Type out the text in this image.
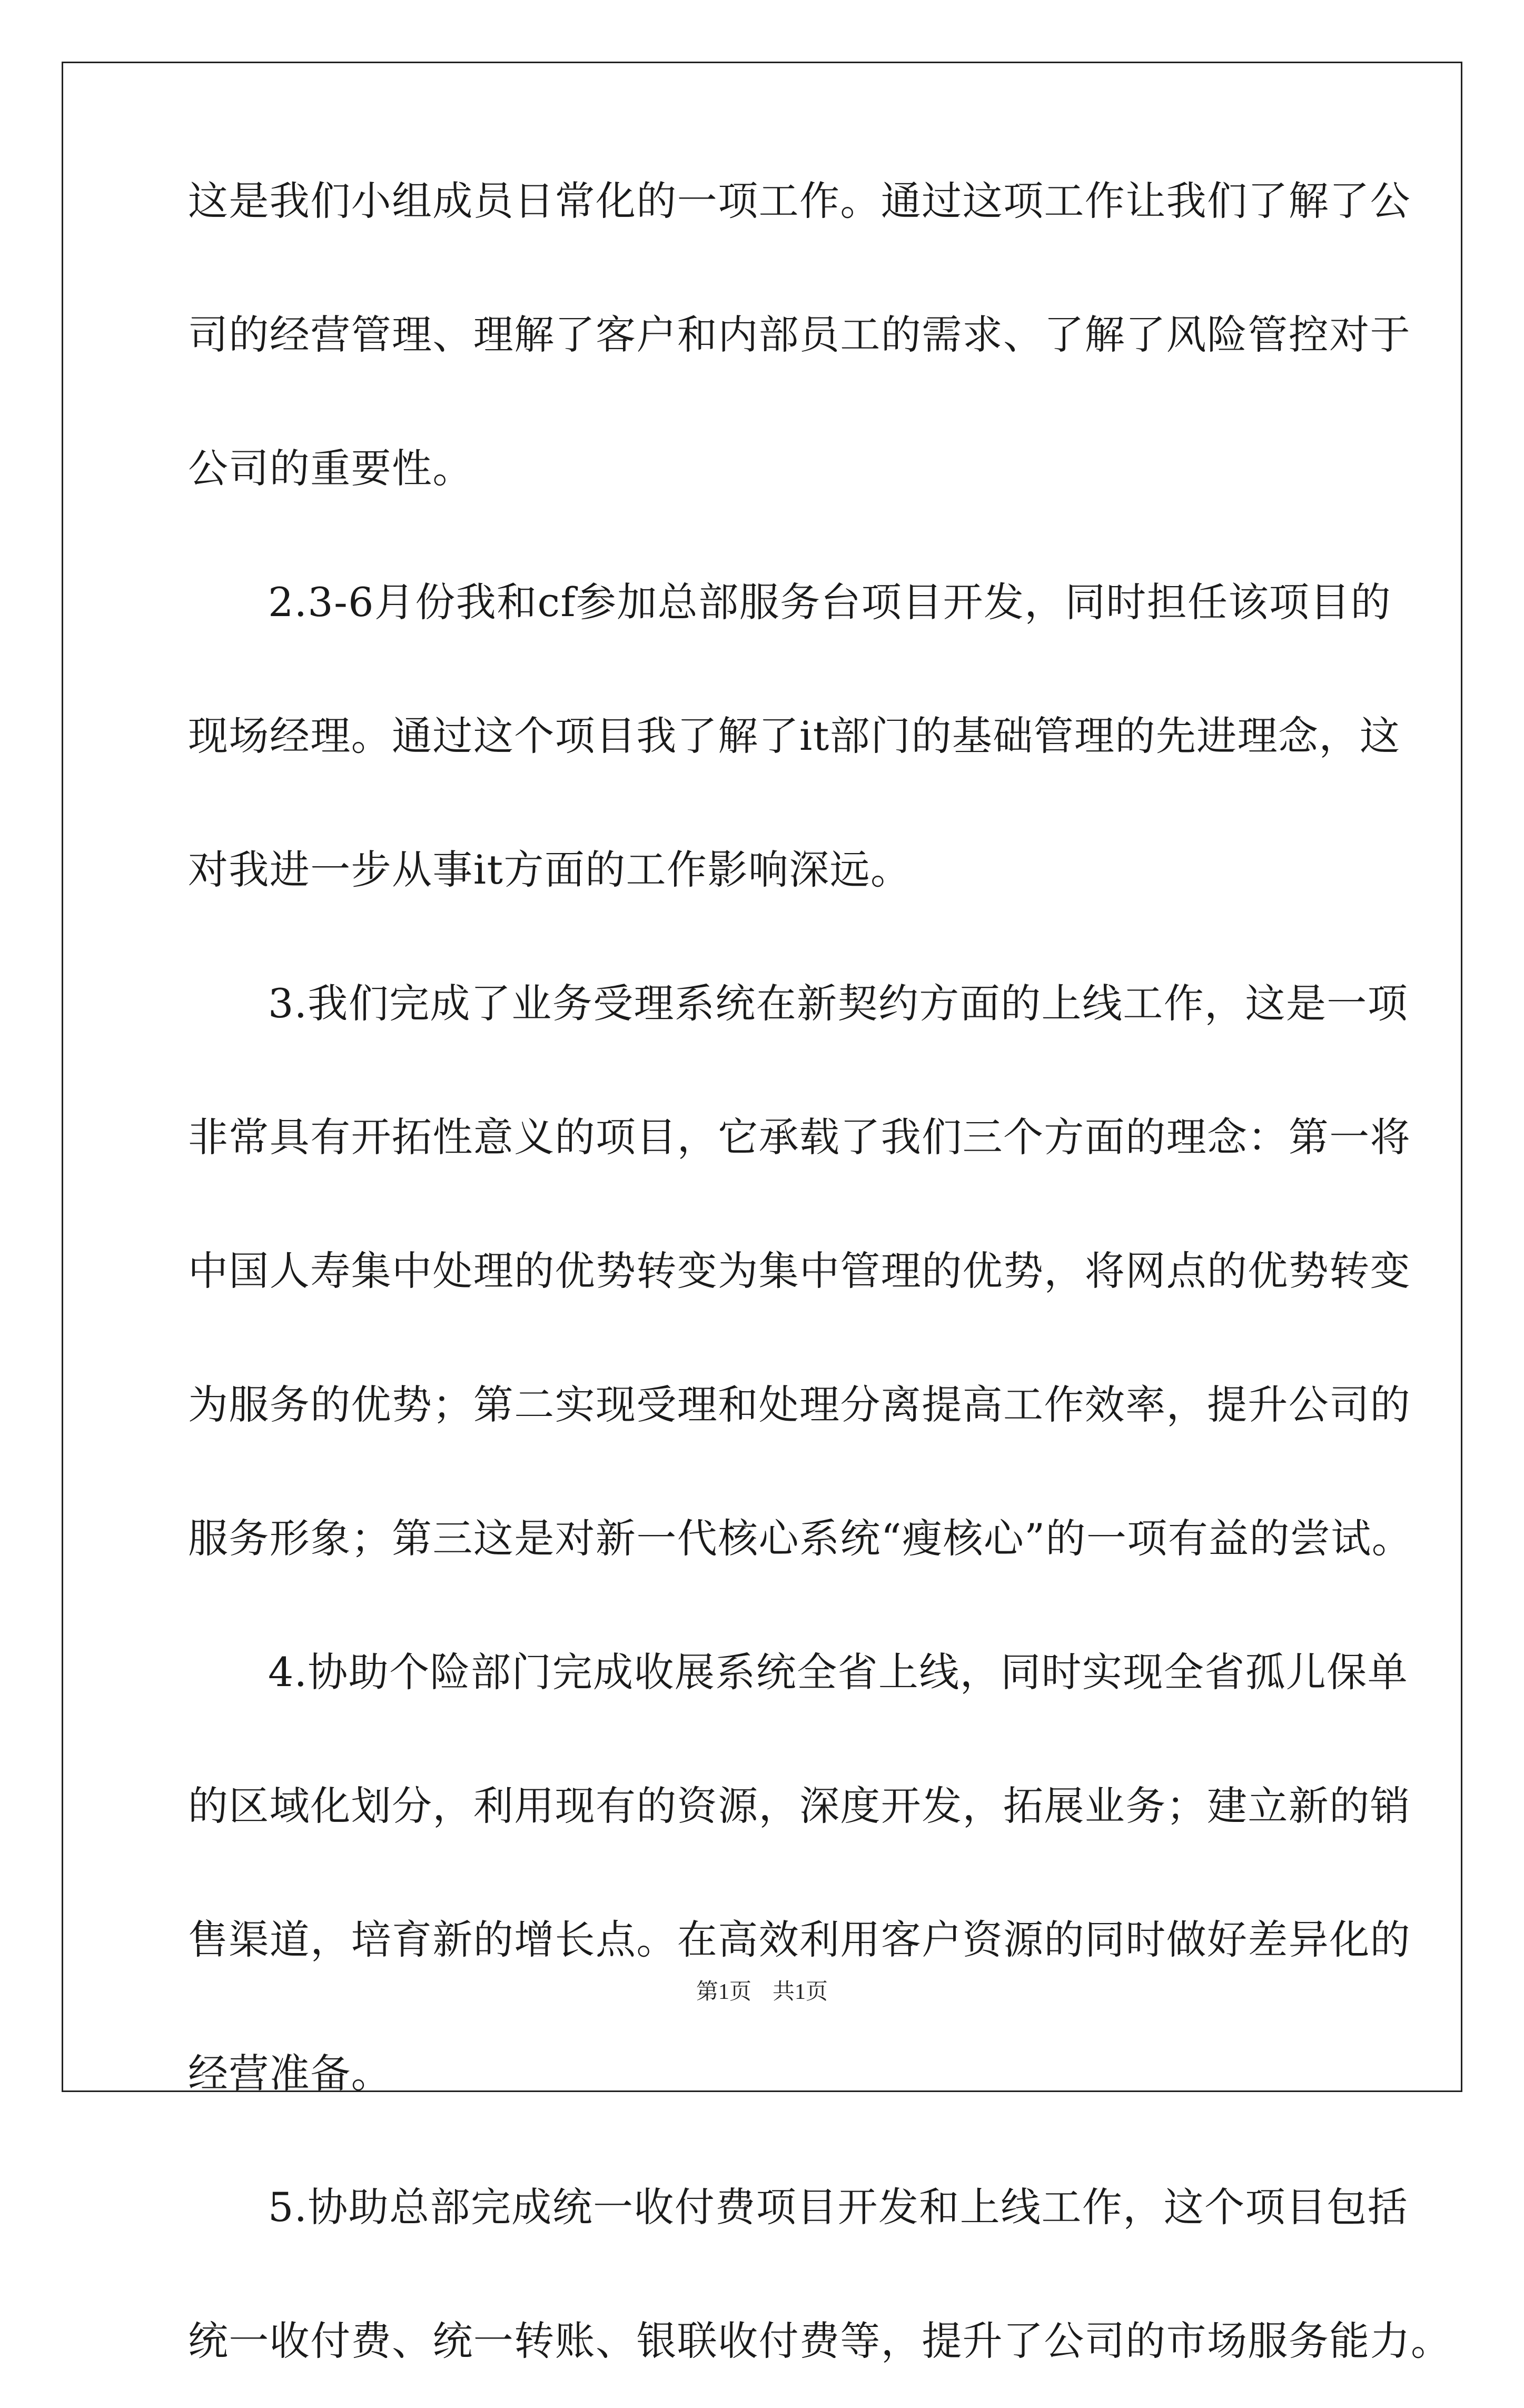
这是我们小组成员日常化的一项工作。通过这项工作让我们了解了公
司的经营管理、理解了客户和内部员工的需求、了解了风险管控对于
公司的重要性。
2.3-6月份我和cf参加总部服务台项目开发，同时担任该项目的
现场经理。通过这个项目我了解了it部门的基础管理的先进理念，这
对我进一步从事it方面的工作影响深远。
3.我们完成了业务受理系统在新契约方面的上线工作，这是一项
非常具有开拓性意义的项目，它承载了我们三个方面的理念：第一将
中国人寿集中处理的优势转变为集中管理的优势，将网点的优势转变
为服务的优势；第二实现受理和处理分离提高工作效率，提升公司的
服务形象；第三这是对新一代核心系统“瘦核心”的一项有益的尝试。
4.协助个险部门完成收展系统全省上线，同时实现全省孤儿保单
的区域化划分，利用现有的资源，深度开发，拓展业务；建立新的销
售渠道，培育新的增长点。在高效利用客户资源的同时做好差异化的
经营准备。
5.协助总部完成统一收付费项目开发和上线工作，这个项目包括
统一收付费、统一转账、银联收付费等，提升了公司的市场服务能力。
第1页 共1页
